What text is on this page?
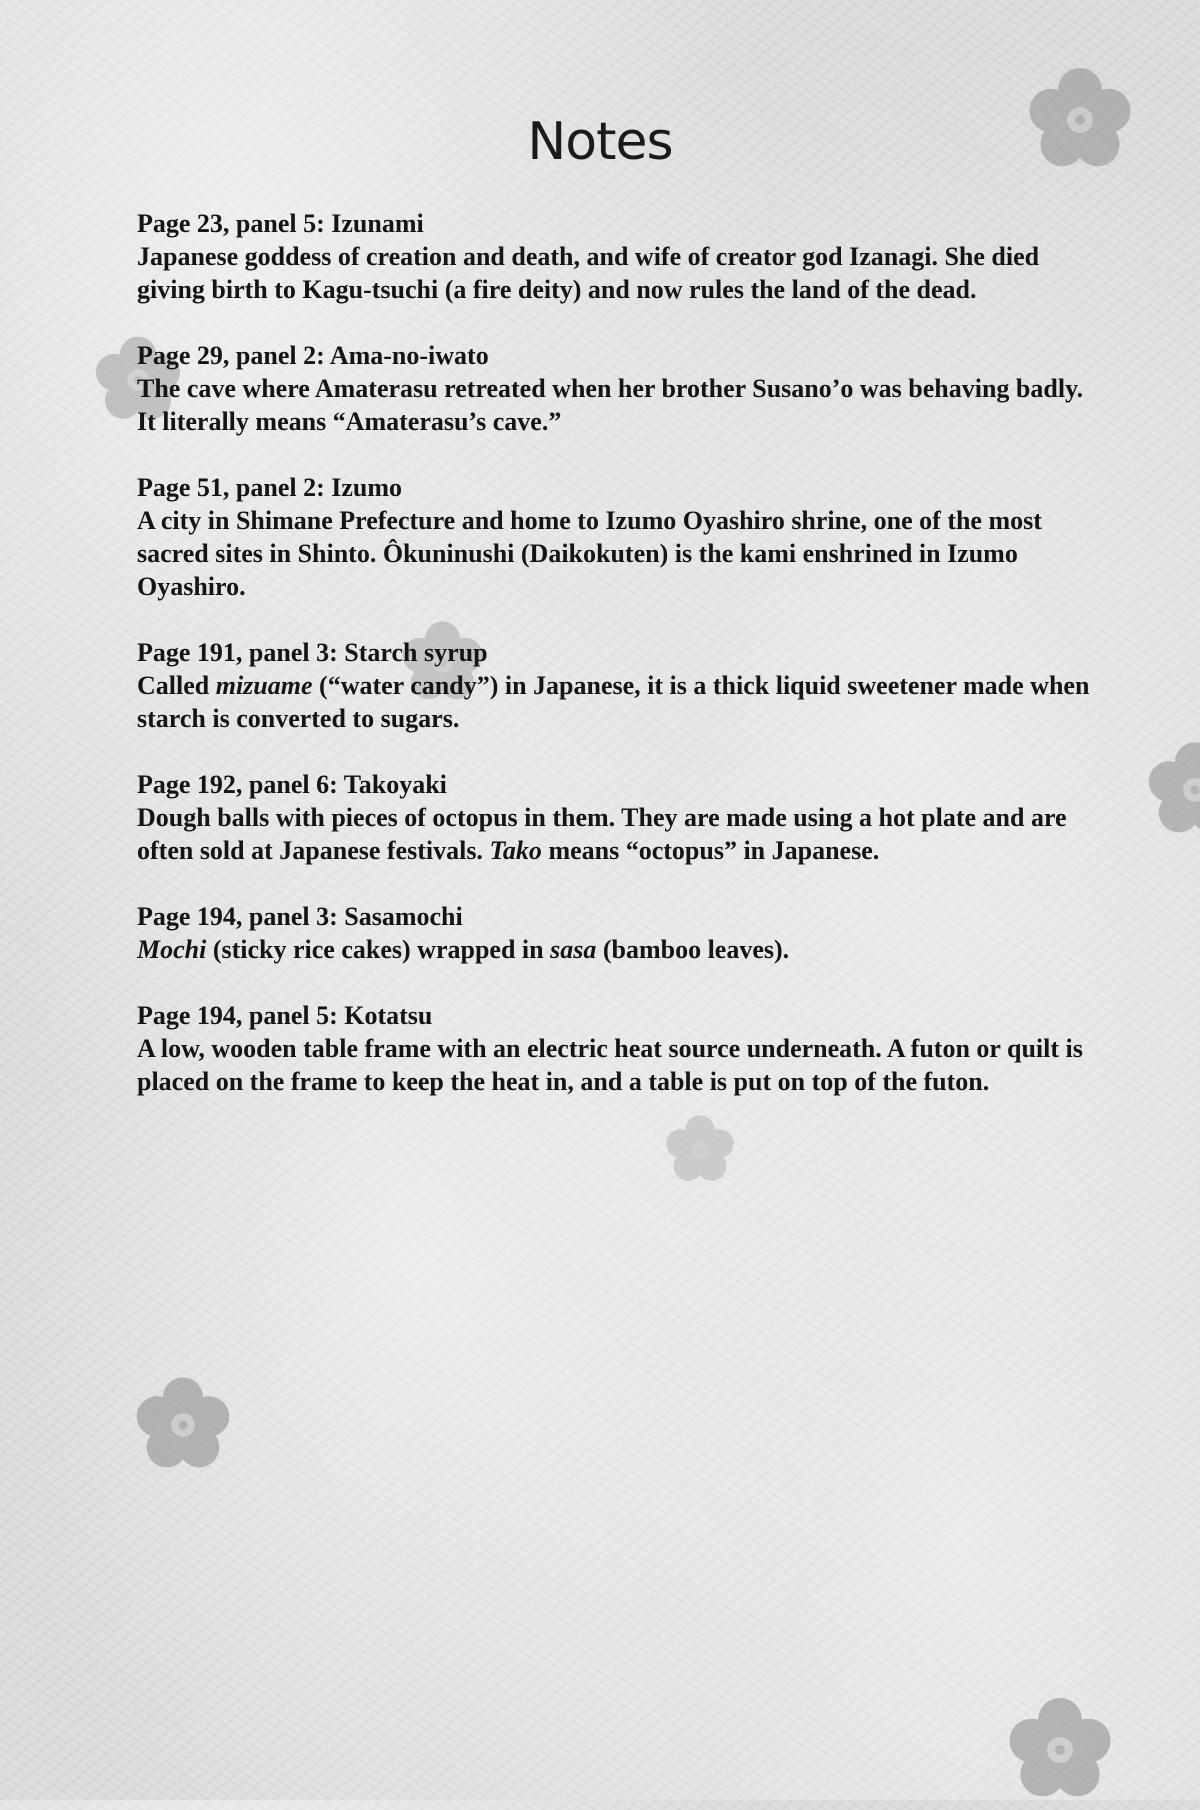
Notes

Page 23, panel 5: Izunami

Japanese goddess of creation and death, and wife of creator god Izanagi. She died giving birth to Kagu-tsuchi (a fire deity) and now rules the land of the dead.

Page 29, panel 2: Ama-no-iwato

The cave where Amaterasu retreated when her brother Susano’o was behaving badly. It literally means “Amaterasu’s cave.”

Page 51, panel 2: Izumo

A city in Shimane Prefecture and home to Izumo Oyashiro shrine, one of the most sacred sites in Shinto. Ôkuninushi (Daikokuten) is the kami enshrined in Izumo Oyashiro.

Page 191, panel 3: Starch syrup

Called mizuame (“water candy”) in Japanese, it is a thick liquid sweetener made when starch is converted to sugars.

Page 192, panel 6: Takoyaki

Dough balls with pieces of octopus in them. They are made using a hot plate and are often sold at Japanese festivals. Tako means “octopus” in Japanese.

Page 194, panel 3: Sasamochi

Mochi (sticky rice cakes) wrapped in sasa (bamboo leaves).

Page 194, panel 5: Kotatsu

A low, wooden table frame with an electric heat source underneath. A futon or quilt is placed on the frame to keep the heat in, and a table is put on top of the futon.
